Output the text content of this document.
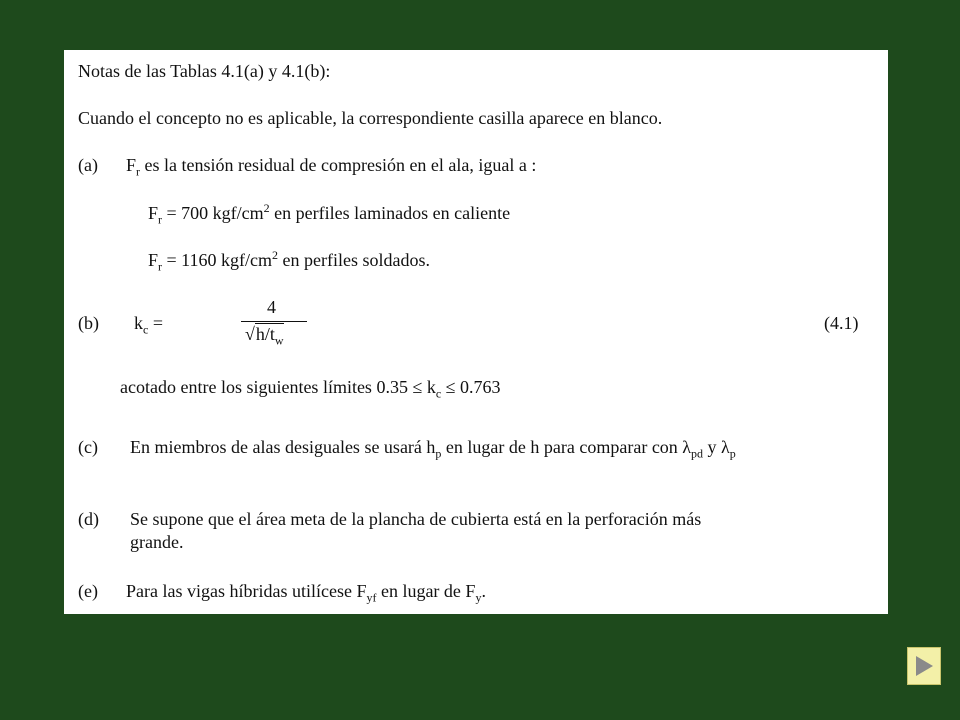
Notas de las Tablas 4.1(a) y 4.1(b):
Cuando el concepto no es aplicable, la correspondiente casilla aparece en blanco.
(a) $F_r$ es la tensión residual de compresión en el ala, igual a :
$F_r = 700$ kgf/$cm^2$ en perfiles laminados en caliente
$F_r = 1160$ kgf/$cm^2$ en perfiles soldados.
(b) $k_c$ =
4
$√h/t_w$
(4.1)
acotado entre los siguientes límites $0.35 \le k_c \le 0.763$
(c) En miembros de alas desiguales se usará $h_p$ en lugar de h para comparar con $\lambda_{pd}$ y $\lambda_p$
(d) Se supone que el área meta de la plancha de cubierta está en la perforación más
grande.
(e) Para las vigas híbridas utilícese $F_{yf}$ en lugar de $F_y$.
